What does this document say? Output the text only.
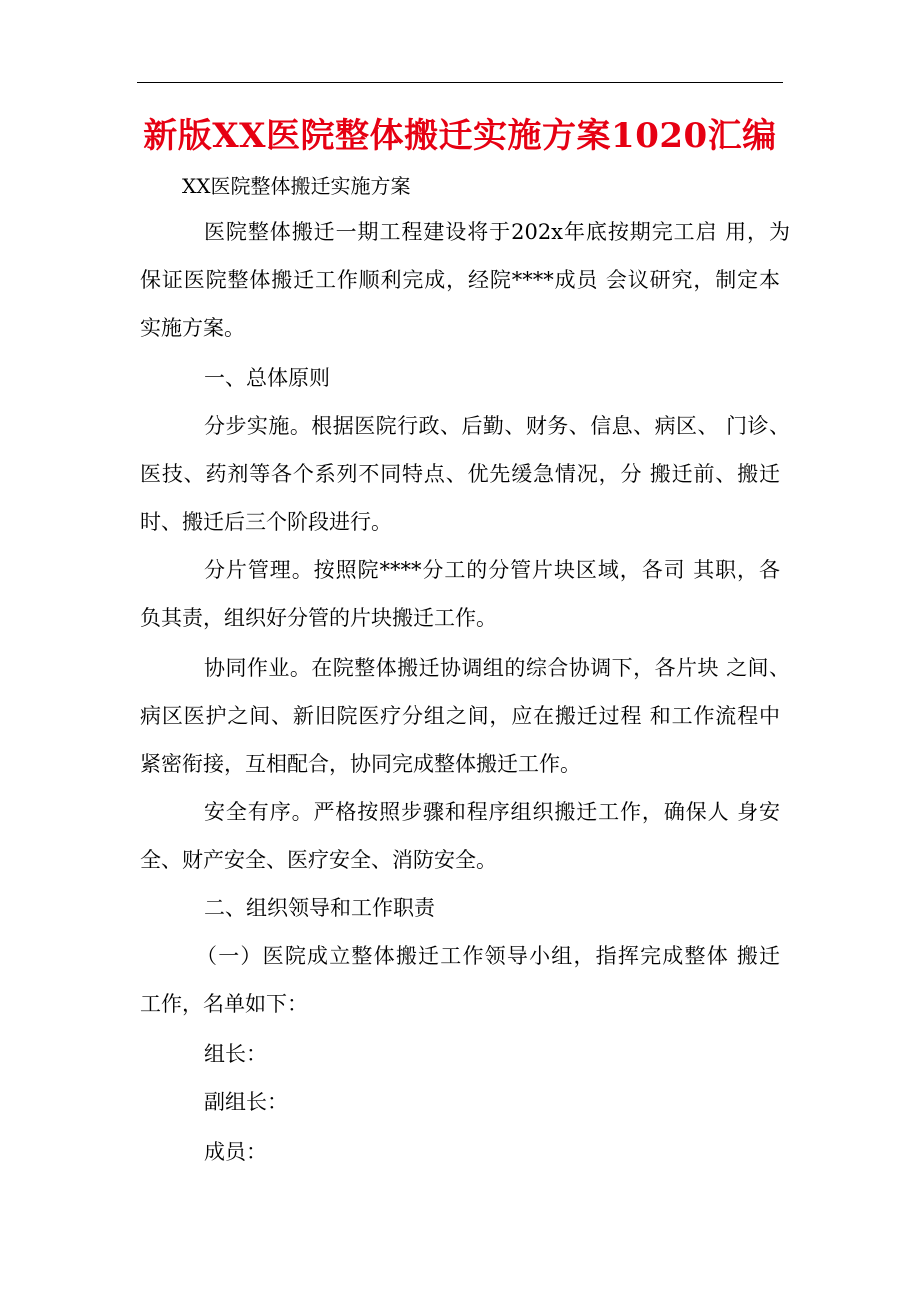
新版XX医院整体搬迁实施方案1020汇编
XX医院整体搬迁实施方案
医院整体搬迁一期工程建设将于202x年底按期完工启 用，为
保证医院整体搬迁工作顺利完成，经院****成员 会议研究，制定本
实施方案。
一、总体原则
分步实施。根据医院行政、后勤、财务、信息、病区、 门诊、
医技、药剂等各个系列不同特点、优先缓急情况，分 搬迁前、搬迁
时、搬迁后三个阶段进行。
分片管理。按照院****分工的分管片块区域，各司 其职，各
负其责，组织好分管的片块搬迁工作。
协同作业。在院整体搬迁协调组的综合协调下，各片块 之间、
病区医护之间、新旧院医疗分组之间，应在搬迁过程 和工作流程中
紧密衔接，互相配合，协同完成整体搬迁工作。
安全有序。严格按照步骤和程序组织搬迁工作，确保人 身安
全、财产安全、医疗安全、消防安全。
二、组织领导和工作职责
（一）医院成立整体搬迁工作领导小组，指挥完成整体 搬迁
工作，名单如下：
组长：
副组长：
成员：
